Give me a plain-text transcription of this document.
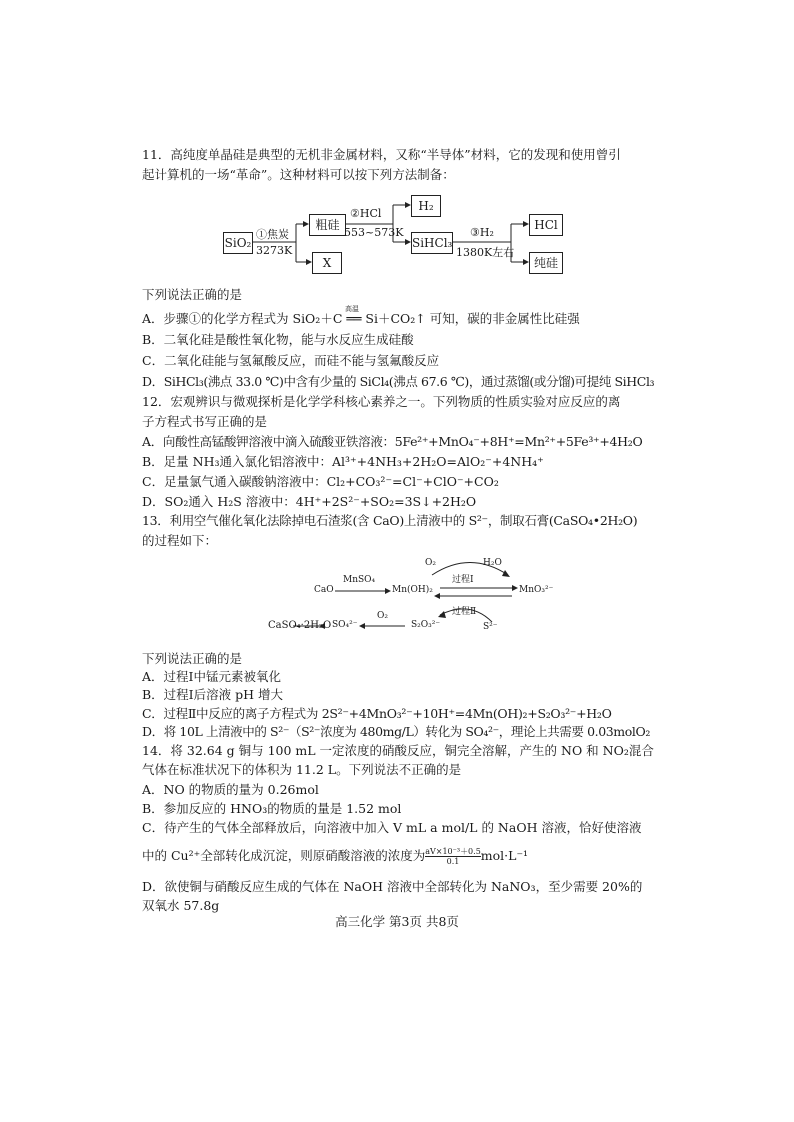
11．高纯度单晶硅是典型的无机非金属材料，又称“半导体”材料，它的发现和使用曾引
起计算机的一场“革命”。这种材料可以按下列方法制备：
SiO₂
①焦炭
3273K
粗硅
X
②HCl
553~573K
H₂
SiHCl₃
③H₂
1380K左右
HCl
纯硅
下列说法正确的是
A．步骤①的化学方程式为 SiO₂＋C ══ Si＋CO₂↑ 可知，碳的非金属性比硅强
高温
B．二氧化硅是酸性氧化物，能与水反应生成硅酸
C．二氧化硅能与氢氟酸反应，而硅不能与氢氟酸反应
D．SiHCl₃(沸点 33.0 ℃)中含有少量的 SiCl₄(沸点 67.6 ℃)，通过蒸馏(或分馏)可提纯 SiHCl₃
12．宏观辨识与微观探析是化学学科核心素养之一。下列物质的性质实验对应反应的离
子方程式书写正确的是
A．向酸性高锰酸钾溶液中滴入硫酸亚铁溶液：5Fe²⁺+MnO₄⁻+8H⁺=Mn²⁺+5Fe³⁺+4H₂O
B．足量 NH₃通入氯化铝溶液中：Al³⁺+4NH₃+2H₂O=AlO₂⁻+4NH₄⁺
C．足量氯气通入碳酸钠溶液中：Cl₂+CO₃²⁻=Cl⁻+ClO⁻+CO₂
D．SO₂通入 H₂S 溶液中：4H⁺+2S²⁻+SO₂=3S↓+2H₂O
13．利用空气催化氧化法除掉电石渣浆(含 CaO)上清液中的 S²⁻，制取石膏(CaSO₄•2H₂O)
的过程如下：
O₂	H₂O
过程Ⅰ
CaO
MnSO₄
Mn(OH)₂	MnO₃²⁻
O₂	过程Ⅱ
CaSO₄·2H₂O SO₄²⁻	S₂O₃²⁻	S²⁻
下列说法正确的是
A．过程Ⅰ中锰元素被氧化
B．过程Ⅰ后溶液 pH 增大
C．过程Ⅱ中反应的离子方程式为 2S²⁻+4MnO₃²⁻+10H⁺=4Mn(OH)₂+S₂O₃²⁻+H₂O
D．将 10L 上清液中的 S²⁻（S²⁻浓度为 480mg/L）转化为 SO₄²⁻，理论上共需要 0.03molO₂
14．将 32.64 g 铜与 100 mL 一定浓度的硝酸反应，铜完全溶解，产生的 NO 和 NO₂混合
气体在标准状况下的体积为 11.2 L。下列说法不正确的是
A．NO 的物质的量为 0.26mol
B．参加反应的 HNO₃的物质的量是 1.52 mol
C．待产生的气体全部释放后，向溶液中加入 V mL a mol/L 的 NaOH 溶液，恰好使溶液
中的 Cu²⁺全部转化成沉淀，则原硝酸溶液的浓度为 $\frac{\text{aV×10⁻³＋0.5}}{0.1} mol\cdot L^{-1}$
D．欲使铜与硝酸反应生成的气体在 NaOH 溶液中全部转化为 NaNO₃，至少需要 20%的
双氧水 57.8g
高三化学 第3页 共8页
